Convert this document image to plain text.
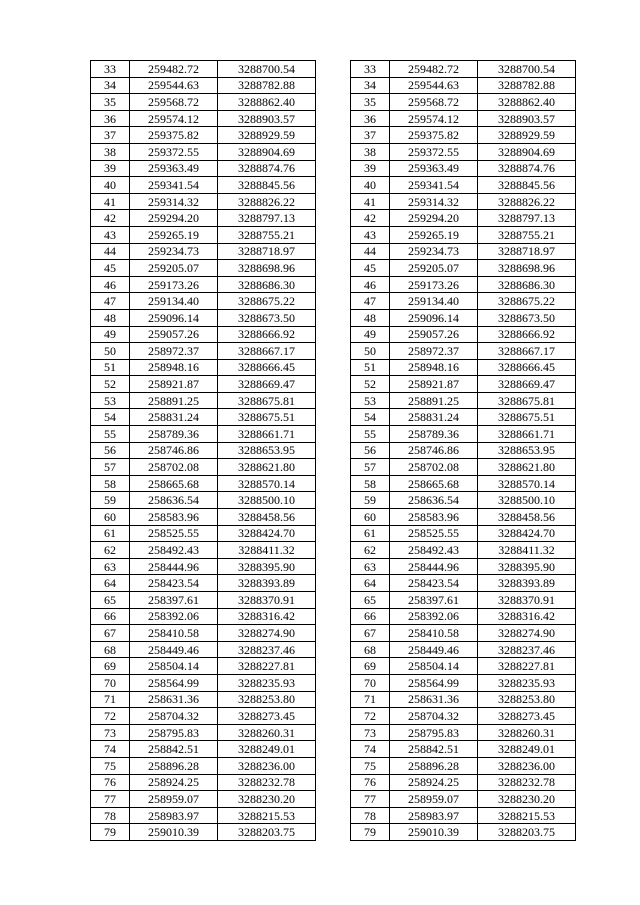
33	259482.72	3288700.54
34	259544.63	3288782.88
35	259568.72	3288862.40
36	259574.12	3288903.57
37	259375.82	3288929.59
38	259372.55	3288904.69
39	259363.49	3288874.76
40	259341.54	3288845.56
41	259314.32	3288826.22
42	259294.20	3288797.13
43	259265.19	3288755.21
44	259234.73	3288718.97
45	259205.07	3288698.96
46	259173.26	3288686.30
47	259134.40	3288675.22
48	259096.14	3288673.50
49	259057.26	3288666.92
50	258972.37	3288667.17
51	258948.16	3288666.45
52	258921.87	3288669.47
53	258891.25	3288675.81
54	258831.24	3288675.51
55	258789.36	3288661.71
56	258746.86	3288653.95
57	258702.08	3288621.80
58	258665.68	3288570.14
59	258636.54	3288500.10
60	258583.96	3288458.56
61	258525.55	3288424.70
62	258492.43	3288411.32
63	258444.96	3288395.90
64	258423.54	3288393.89
65	258397.61	3288370.91
66	258392.06	3288316.42
67	258410.58	3288274.90
68	258449.46	3288237.46
69	258504.14	3288227.81
70	258564.99	3288235.93
71	258631.36	3288253.80
72	258704.32	3288273.45
73	258795.83	3288260.31
74	258842.51	3288249.01
75	258896.28	3288236.00
76	258924.25	3288232.78
77	258959.07	3288230.20
78	258983.97	3288215.53
79	259010.39	3288203.75
33	259482.72	3288700.54
34	259544.63	3288782.88
35	259568.72	3288862.40
36	259574.12	3288903.57
37	259375.82	3288929.59
38	259372.55	3288904.69
39	259363.49	3288874.76
40	259341.54	3288845.56
41	259314.32	3288826.22
42	259294.20	3288797.13
43	259265.19	3288755.21
44	259234.73	3288718.97
45	259205.07	3288698.96
46	259173.26	3288686.30
47	259134.40	3288675.22
48	259096.14	3288673.50
49	259057.26	3288666.92
50	258972.37	3288667.17
51	258948.16	3288666.45
52	258921.87	3288669.47
53	258891.25	3288675.81
54	258831.24	3288675.51
55	258789.36	3288661.71
56	258746.86	3288653.95
57	258702.08	3288621.80
58	258665.68	3288570.14
59	258636.54	3288500.10
60	258583.96	3288458.56
61	258525.55	3288424.70
62	258492.43	3288411.32
63	258444.96	3288395.90
64	258423.54	3288393.89
65	258397.61	3288370.91
66	258392.06	3288316.42
67	258410.58	3288274.90
68	258449.46	3288237.46
69	258504.14	3288227.81
70	258564.99	3288235.93
71	258631.36	3288253.80
72	258704.32	3288273.45
73	258795.83	3288260.31
74	258842.51	3288249.01
75	258896.28	3288236.00
76	258924.25	3288232.78
77	258959.07	3288230.20
78	258983.97	3288215.53
79	259010.39	3288203.75
